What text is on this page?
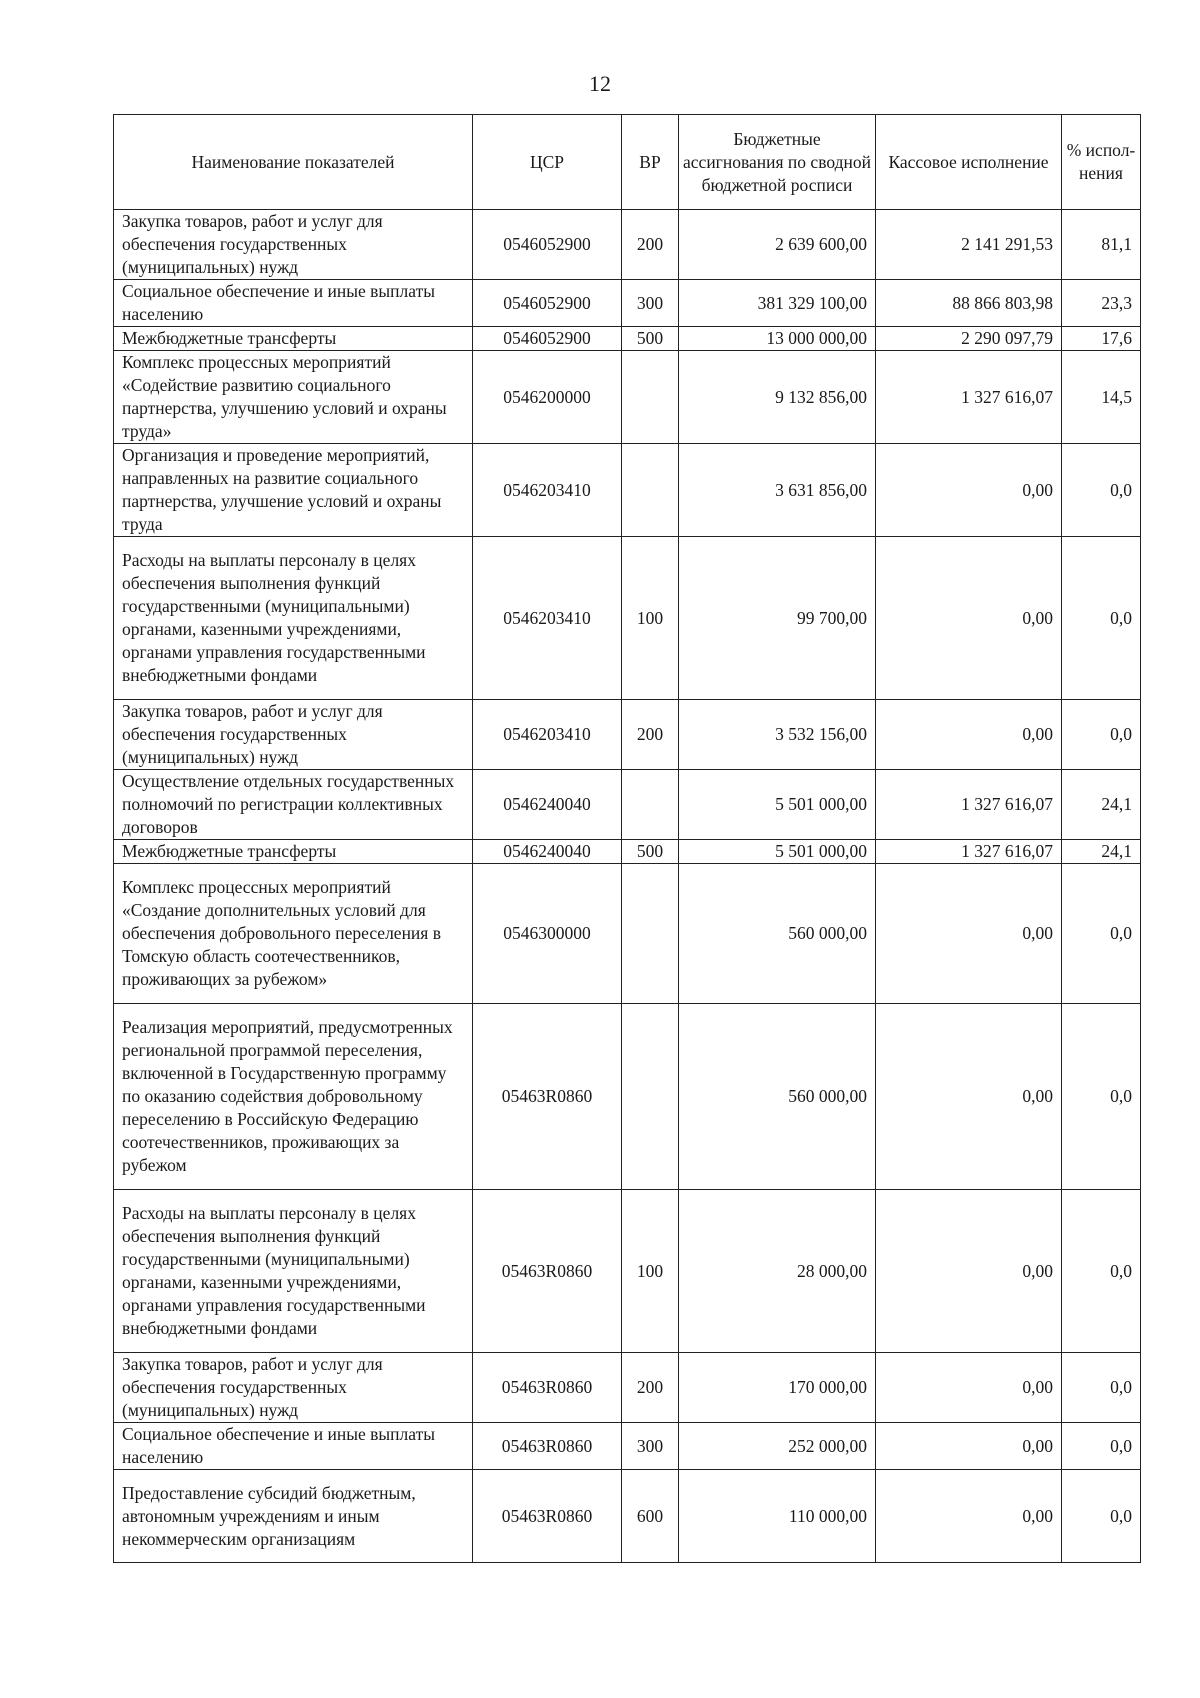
12
Наименование показателей	ЦСР	ВР	Бюджетные ассигнования по сводной бюджетной росписи	Кассовое исполнение	% испол-нения
Закупка товаров, работ и услуг для обеспечения государственных (муниципальных) нужд	0546052900	200	2 639 600,00	2 141 291,53	81,1
Социальное обеспечение и иные выплаты населению	0546052900	300	381 329 100,00	88 866 803,98	23,3
Межбюджетные трансферты	0546052900	500	13 000 000,00	2 290 097,79	17,6
Комплекс процессных мероприятий «Содействие развитию социального партнерства, улучшению условий и охраны труда»	0546200000		9 132 856,00	1 327 616,07	14,5
Организация и проведение мероприятий, направленных на развитие социального партнерства, улучшение условий и охраны труда	0546203410		3 631 856,00	0,00	0,0
Расходы на выплаты персоналу в целях обеспечения выполнения функций государственными (муниципальными) органами, казенными учреждениями, органами управления государственными внебюджетными фондами	0546203410	100	99 700,00	0,00	0,0
Закупка товаров, работ и услуг для обеспечения государственных (муниципальных) нужд	0546203410	200	3 532 156,00	0,00	0,0
Осуществление отдельных государственных полномочий по регистрации коллективных договоров	0546240040		5 501 000,00	1 327 616,07	24,1
Межбюджетные трансферты	0546240040	500	5 501 000,00	1 327 616,07	24,1
Комплекс процессных мероприятий «Создание дополнительных условий для обеспечения добровольного переселения в Томскую область соотечественников, проживающих за рубежом»	0546300000		560 000,00	0,00	0,0
Реализация мероприятий, предусмотренных региональной программой переселения, включенной в Государственную программу по оказанию содействия добровольному переселению в Российскую Федерацию соотечественников, проживающих за рубежом	05463R0860		560 000,00	0,00	0,0
Расходы на выплаты персоналу в целях обеспечения выполнения функций государственными (муниципальными) органами, казенными учреждениями, органами управления государственными внебюджетными фондами	05463R0860	100	28 000,00	0,00	0,0
Закупка товаров, работ и услуг для обеспечения государственных (муниципальных) нужд	05463R0860	200	170 000,00	0,00	0,0
Социальное обеспечение и иные выплаты населению	05463R0860	300	252 000,00	0,00	0,0
Предоставление субсидий бюджетным, автономным учреждениям и иным некоммерческим организациям	05463R0860	600	110 000,00	0,00	0,0
